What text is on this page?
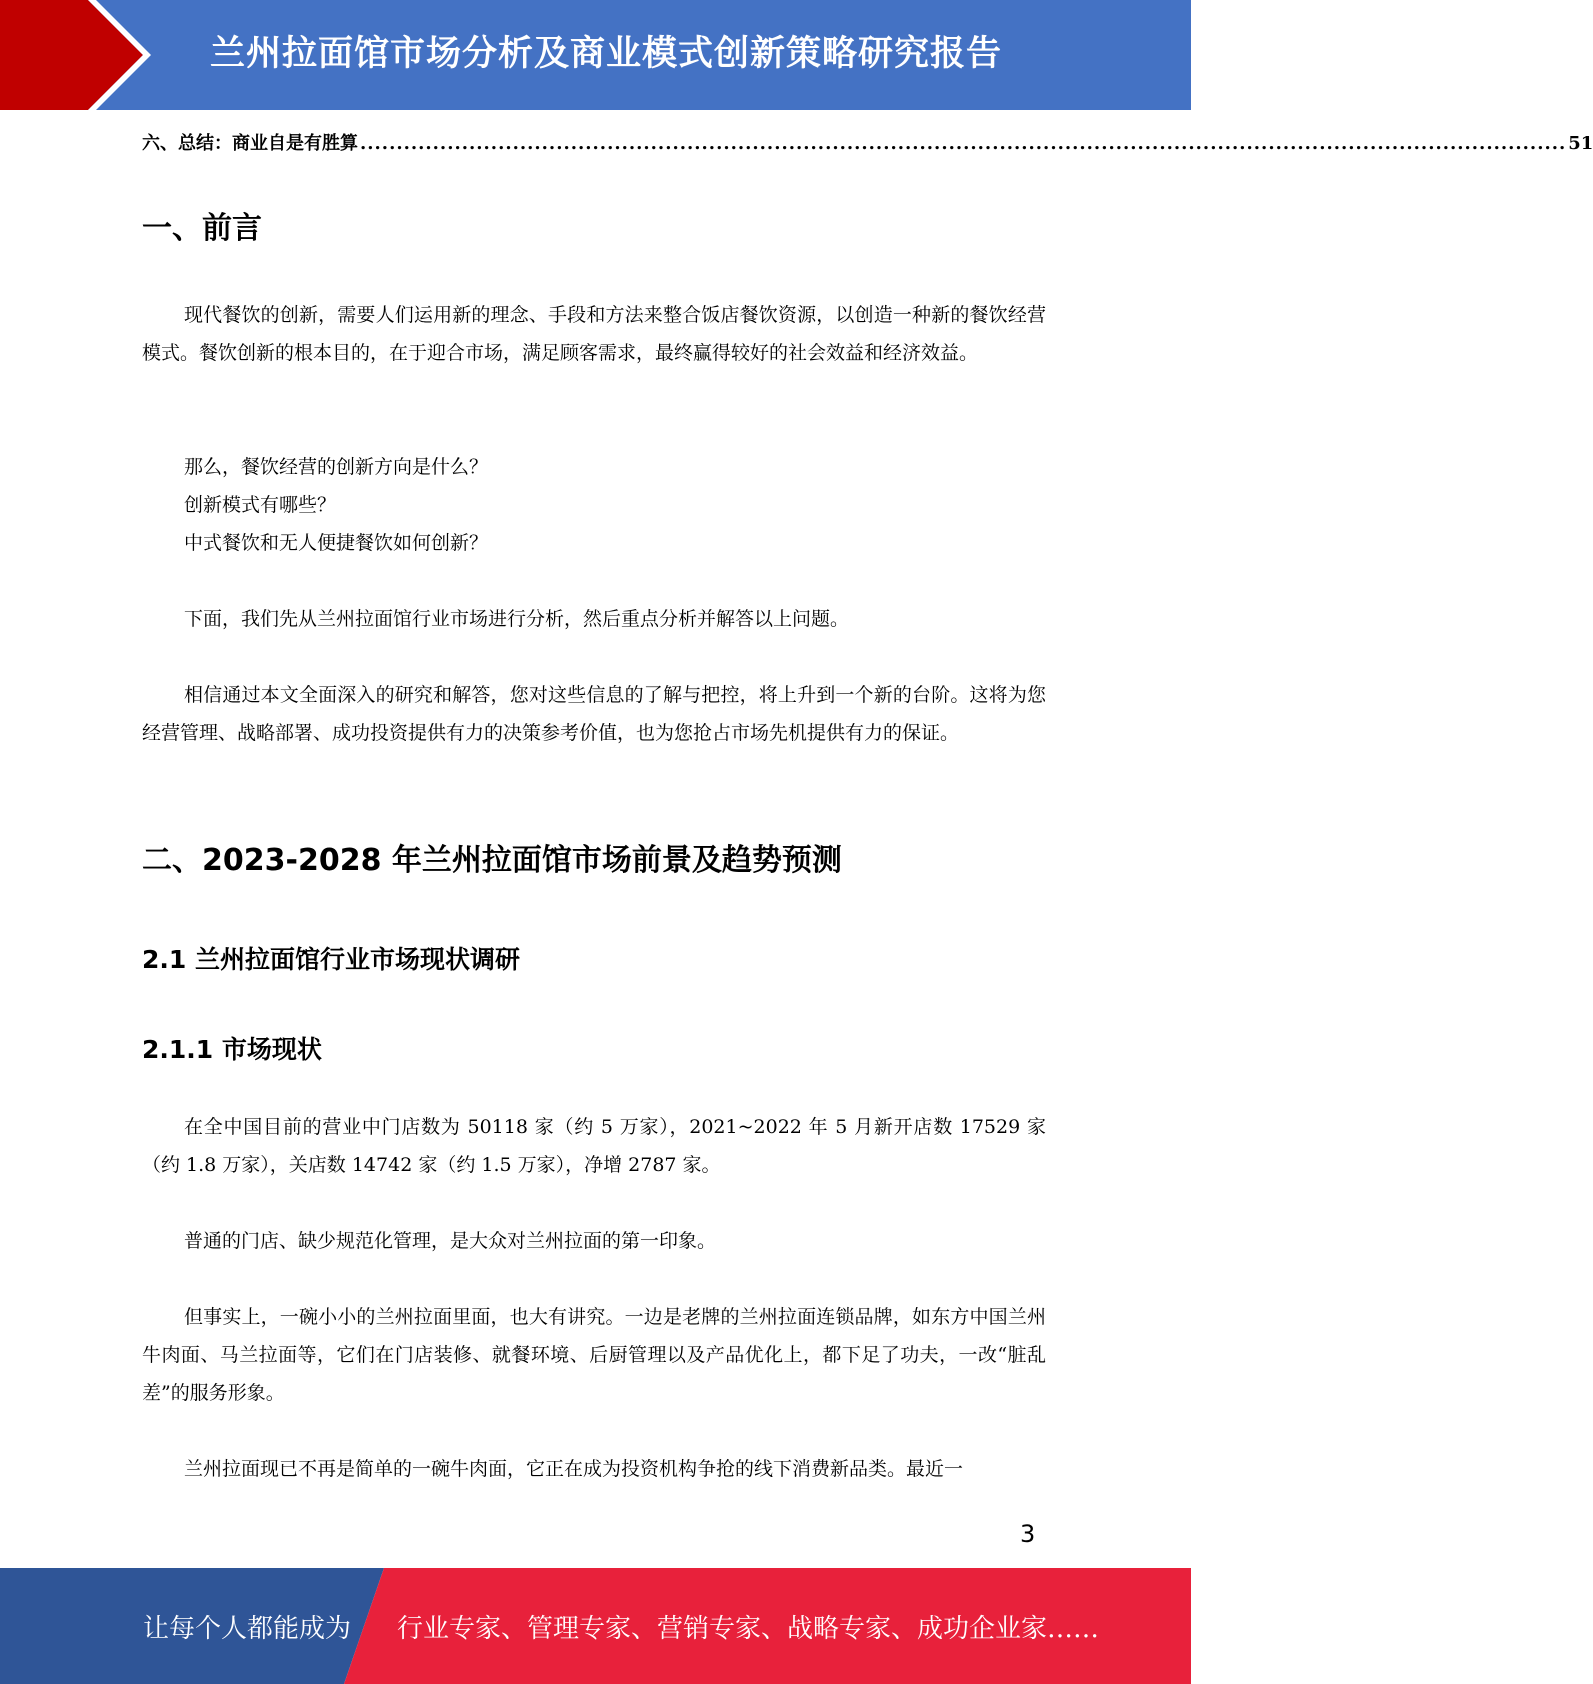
兰州拉面馆市场分析及商业模式创新策略研究报告
六、总结：商业自是有胜算 ...................................................................................................................................................................... 51
一、前言

现代餐饮的创新，需要人们运用新的理念、手段和方法来整合饭店餐饮资源，以创造一种新的餐饮经营模式。餐饮创新的根本目的，在于迎合市场，满足顾客需求，最终赢得较好的社会效益和经济效益。

那么，餐饮经营的创新方向是什么？

创新模式有哪些？

中式餐饮和无人便捷餐饮如何创新？

下面，我们先从兰州拉面馆行业市场进行分析，然后重点分析并解答以上问题。

相信通过本文全面深入的研究和解答，您对这些信息的了解与把控，将上升到一个新的台阶。这将为您经营管理、战略部署、成功投资提供有力的决策参考价值，也为您抢占市场先机提供有力的保证。

二、2023-2028 年兰州拉面馆市场前景及趋势预测
2.1 兰州拉面馆行业市场现状调研
2.1.1 市场现状

在全中国目前的营业中门店数为 50118 家（约 5 万家），2021~2022 年 5 月新开店数 17529 家（约 1.8 万家），关店数 14742 家（约 1.5 万家），净增 2787 家。

普通的门店、缺少规范化管理，是大众对兰州拉面的第一印象。

但事实上，一碗小小的兰州拉面里面，也大有讲究。一边是老牌的兰州拉面连锁品牌，如东方中国兰州牛肉面、马兰拉面等，它们在门店装修、就餐环境、后厨管理以及产品优化上，都下足了功夫，一改“脏乱差”的服务形象。

兰州拉面现已不再是简单的一碗牛肉面，它正在成为投资机构争抢的线下消费新品类。最近一

3
让每个人都能成为 行业专家、管理专家、营销专家、战略专家、成功企业家……
